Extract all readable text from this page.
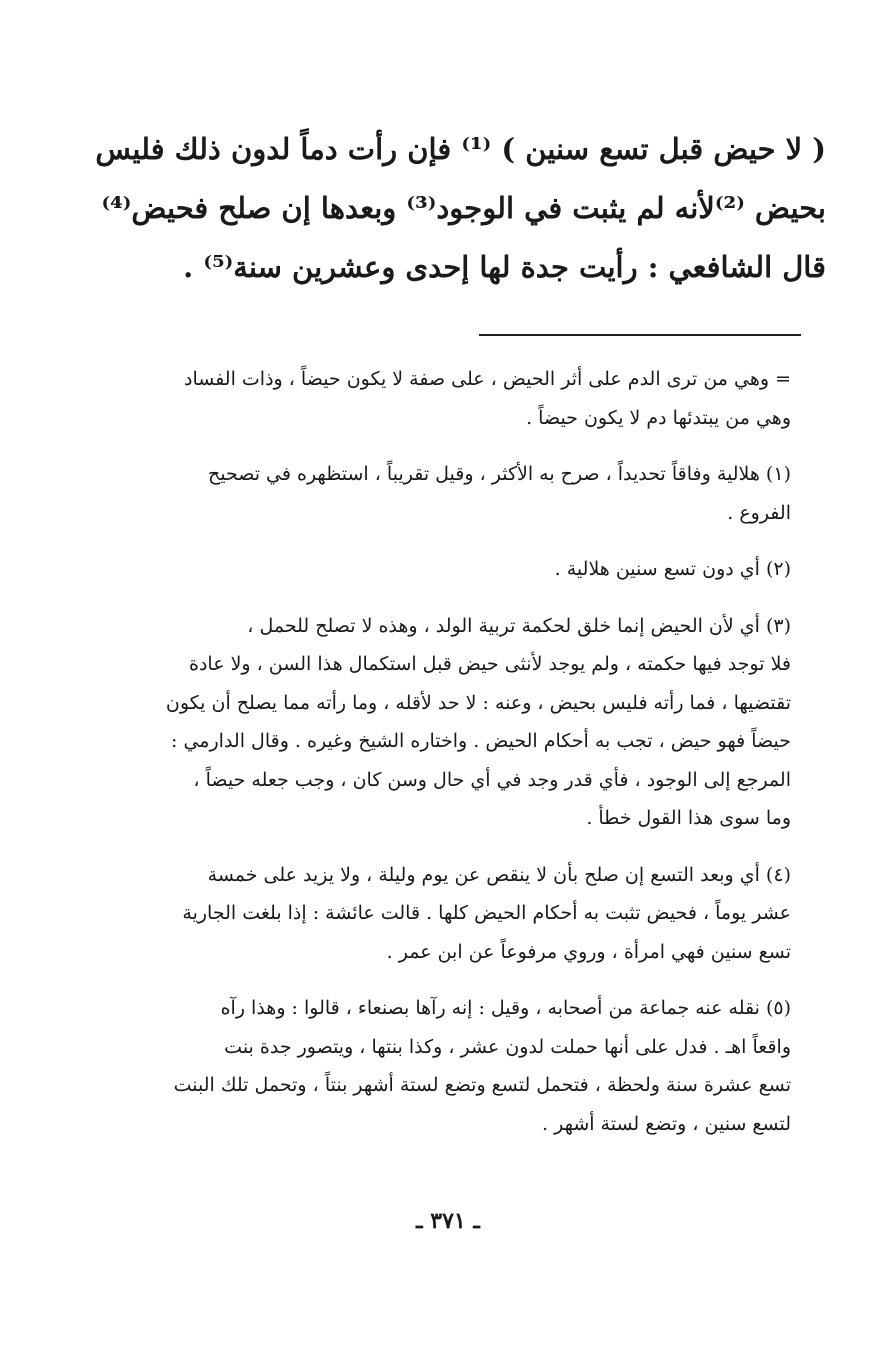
( لا حيض قبل تسع سنين ) ⁽¹⁾ فإن رأت دماً لدون ذلك فليس
بحيض ⁽²⁾لأنه لم يثبت في الوجود⁽³⁾ وبعدها إن صلح فحيض⁽⁴⁾
قال الشافعي : رأيت جدة لها إحدى وعشرين سنة⁽⁵⁾ .
= وهي من ترى الدم على أثر الحيض ، على صفة لا يكون حيضاً ، وذات الفساد
وهي من يبتدئها دم لا يكون حيضاً .
(١) هلالية وفاقاً تحديداً ، صرح به الأكثر ، وقيل تقريباً ، استظهره في تصحيح
الفروع .
(٢) أي دون تسع سنين هلالية .
(٣) أي لأن الحيض إنما خلق لحكمة تربية الولد ، وهذه لا تصلح للحمل ،
فلا توجد فيها حكمته ، ولم يوجد لأنثى حيض قبل استكمال هذا السن ، ولا عادة
تقتضيها ، فما رأته فليس بحيض ، وعنه : لا حد لأقله ، وما رأته مما يصلح أن يكون
حيضاً فهو حيض ، تجب به أحكام الحيض . واختاره الشيخ وغيره . وقال الدارمي :
المرجع إلى الوجود ، فأي قدر وجد في أي حال وسن كان ، وجب جعله حيضاً ،
وما سوى هذا القول خطأ .
(٤) أي وبعد التسع إن صلح بأن لا ينقص عن يوم وليلة ، ولا يزيد على خمسة
عشر يوماً ، فحيض تثبت به أحكام الحيض كلها . قالت عائشة : إذا بلغت الجارية
تسع سنين فهي امرأة ، وروي مرفوعاً عن ابن عمر .
(٥) نقله عنه جماعة من أصحابه ، وقيل : إنه رآها بصنعاء ، قالوا : وهذا رآه
واقعاً اهـ . فدل على أنها حملت لدون عشر ، وكذا بنتها ، ويتصور جدة بنت
تسع عشرة سنة ولحظة ، فتحمل لتسع وتضع لستة أشهر بنتاً ، وتحمل تلك البنت
لتسع سنين ، وتضع لستة أشهر .
ـ ٣٧١ ـ
